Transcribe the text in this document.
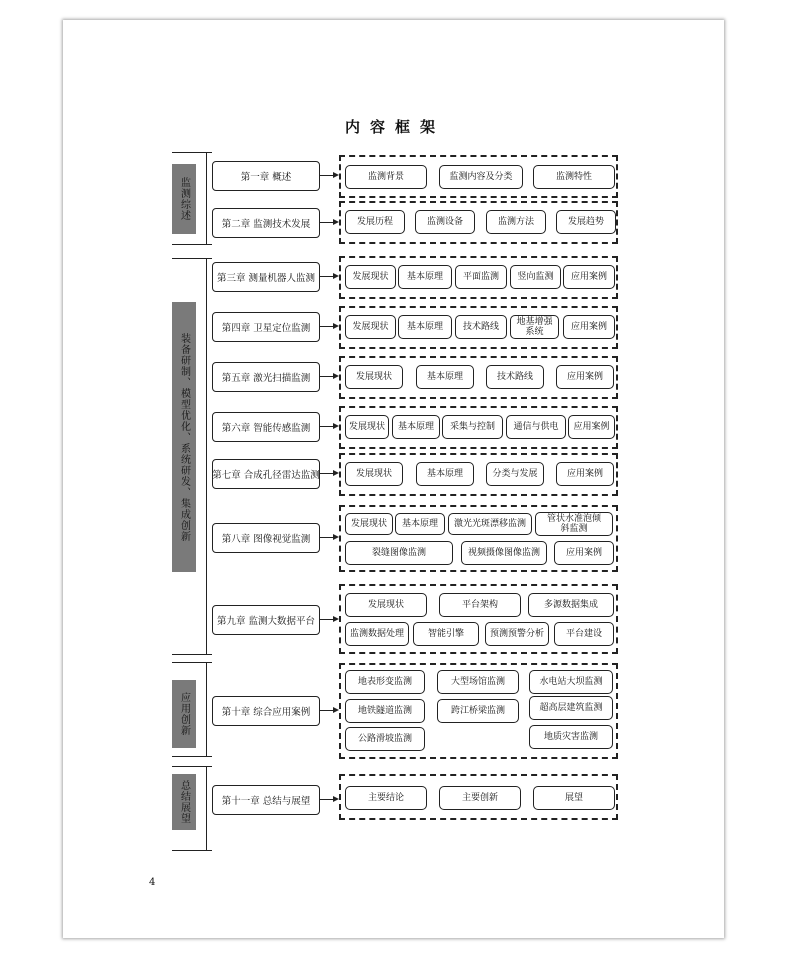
内容框架
监测综述
装备研制、模型优化、系统研发、集成创新
应用创新
总结展望
第一章 概述
第二章 监测技术发展
第三章 测量机器人监测
第四章 卫星定位监测
第五章 激光扫描监测
第六章 智能传感监测
第七章 合成孔径雷达监测
第八章 图像视觉监测
第九章 监测大数据平台
第十章 综合应用案例
第十一章 总结与展望
监测背景	监测内容及分类	监测特性
发展历程	监测设备	监测方法	发展趋势
发展现状	基本原理	平面监测	竖向监测	应用案例
发展现状	基本原理	技术路线	地基增强系统	应用案例
发展现状	基本原理	技术路线	应用案例
发展现状	基本原理	采集与控制	通信与供电	应用案例
发展现状	基本原理	分类与发展	应用案例
发展现状	基本原理	激光光斑漂移监测	管状水准泡倾斜监测
裂缝图像监测	视频摄像图像监测	应用案例
发展现状	平台架构	多源数据集成
监测数据处理	智能引擎	预测预警分析	平台建设
地表形变监测	大型场馆监测	水电站大坝监测
地铁隧道监测	跨江桥梁监测	超高层建筑监测
公路滑坡监测	地质灾害监测
主要结论	主要创新	展望
4
